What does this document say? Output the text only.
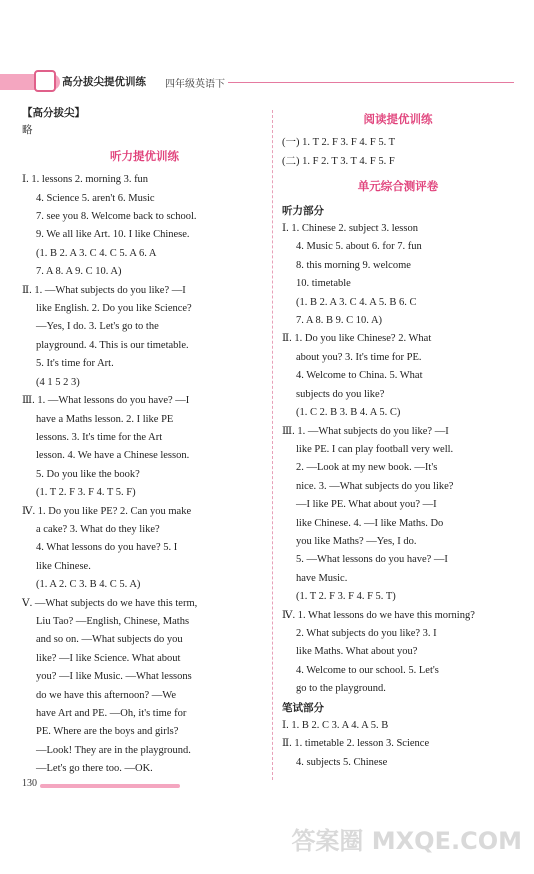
高分拔尖提优训练 四年级英语下
【高分拔尖】
略
听力提优训练
Ⅰ. 1. lessons 2. morning 3. fun
4. Science 5. aren't 6. Music
7. see you 8. Welcome back to school.
9. We all like Art. 10. I like Chinese.
(1. B 2. A 3. C 4. C 5. A 6. A
7. A 8. A 9. C 10. A)
Ⅱ. 1. —What subjects do you like? —I
like English. 2. Do you like Science?
—Yes, I do. 3. Let's go to the
playground. 4. This is our timetable.
5. It's time for Art.
(4 1 5 2 3)
Ⅲ. 1. —What lessons do you have? —I
have a Maths lesson. 2. I like PE
lessons. 3. It's time for the Art
lesson. 4. We have a Chinese lesson.
5. Do you like the book?
(1. T 2. F 3. F 4. T 5. F)
Ⅳ. 1. Do you like PE? 2. Can you make
a cake? 3. What do they like?
4. What lessons do you have? 5. I
like Chinese.
(1. A 2. C 3. B 4. C 5. A)
Ⅴ. —What subjects do we have this term,
Liu Tao? —English, Chinese, Maths
and so on. —What subjects do you
like? —I like Science. What about
you? —I like Music. —What lessons
do we have this afternoon? —We
have Art and PE. —Oh, it's time for
PE. Where are the boys and girls?
—Look! They are in the playground.
—Let's go there too. —OK.
阅读提优训练
(一) 1. T 2. F 3. F 4. F 5. T
(二) 1. F 2. T 3. T 4. F 5. F
单元综合测评卷
听力部分
Ⅰ. 1. Chinese 2. subject 3. lesson
4. Music 5. about 6. for 7. fun
8. this morning 9. welcome
10. timetable
(1. B 2. A 3. C 4. A 5. B 6. C
7. A 8. B 9. C 10. A)
Ⅱ. 1. Do you like Chinese? 2. What
about you? 3. It's time for PE.
4. Welcome to China. 5. What
subjects do you like?
(1. C 2. B 3. B 4. A 5. C)
Ⅲ. 1. —What subjects do you like? —I
like PE. I can play football very well.
2. —Look at my new book. —It's
nice. 3. —What subjects do you like?
—I like PE. What about you? —I
like Chinese. 4. —I like Maths. Do
you like Maths? —Yes, I do.
5. —What lessons do you have? —I
have Music.
(1. T 2. F 3. F 4. F 5. T)
Ⅳ. 1. What lessons do we have this morning?
2. What subjects do you like? 3. I
like Maths. What about you?
4. Welcome to our school. 5. Let's
go to the playground.
笔试部分
Ⅰ. 1. B 2. C 3. A 4. A 5. B
Ⅱ. 1. timetable 2. lesson 3. Science
4. subjects 5. Chinese
130
答案圈 MXQE.COM
